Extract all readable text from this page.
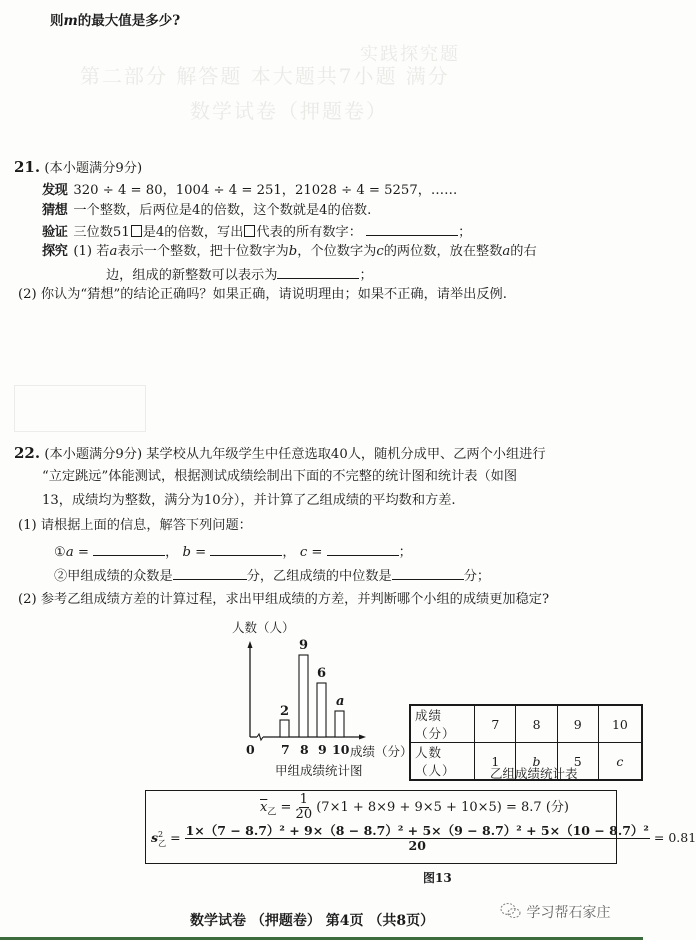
实践探究题
第二部分 解答题 本大题共7小题 满分
数学试卷（押题卷）
则m的最大值是多少?
21. (本小题满分9分)
发现 320 ÷ 4 = 80，1004 ÷ 4 = 251，21028 ÷ 4 = 5257，……
猜想 一个整数，后两位是4的倍数，这个数就是4的倍数.
验证 三位数51 是4的倍数，写出 代表的所有数字：	；
探究 (1) 若a表示一个整数，把十位数字为b，个位数字为c的两位数，放在整数a的右
边，组成的新整数可以表示为	；
(2) 你认为“猜想”的结论正确吗？如果正确，请说明理由；如果不正确，请举出反例.
22. (本小题满分9分) 某学校从九年级学生中任意选取40人，随机分成甲、乙两个小组进行
“立定跳远”体能测试，根据测试成绩绘制出下面的不完整的统计图和统计表（如图
13，成绩均为整数，满分为10分），并计算了乙组成绩的平均数和方差.
(1) 请根据上面的信息，解答下列问题：
①a =	， b =	， c =	；
②甲组成绩的众数是	分，乙组成绩的中位数是	分；
(2) 参考乙组成绩方差的计算过程，求出甲组成绩的方差，并判断哪个小组的成绩更加稳定?
人数（人）
2
9
6
a
0 7 8 9 10 成绩（分）
甲组成绩统计图
成绩（分）	7	8	9	10
人数（人）	1	b	5	c
乙组成绩统计表
$\overline{x}_乙 = \frac{1}{20} (7\times 1 + 8\times 9 + 9\times 5 + 10\times 5) = 8.7$ (分)
$s^2_乙 = \frac{\text{1×（7 − 8.7）² + 9×（8 − 8.7）² + 5×（9 − 8.7）² + 5×（10 − 8.7）²}}{20} = 0.81$
图13
数学试卷 （押题卷） 第4页 （共8页）	学习帮石家庄
